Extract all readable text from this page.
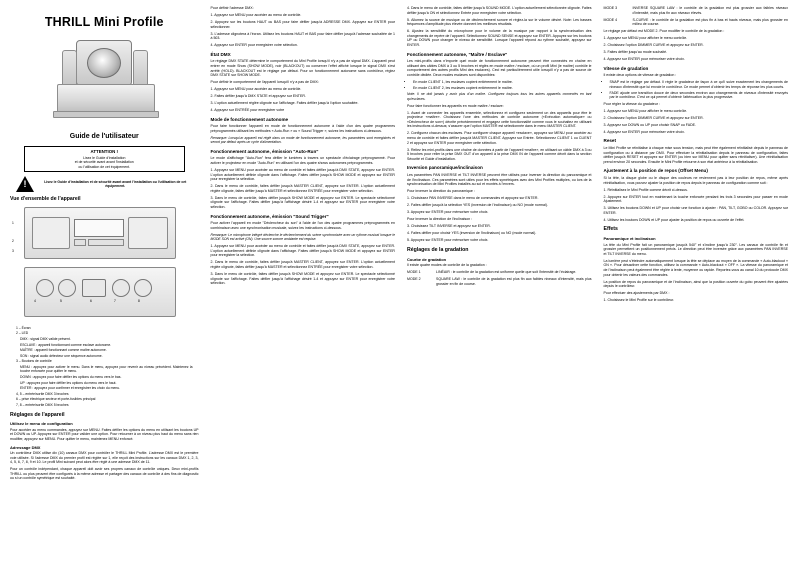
THRILL Mini Profile
Guide de l'utilisateur
ATTENTION !
Lisez le Guide d'installation
et de sécurité avant avant l'installation
ou l'utilisation de cet équipement.
!
Lisez le Guide d'installation et de sécurité avant avant l'installation ou l'utilisation de cet équipement.
Vue d'ensemble de l'appareil
1
2
3
4	5	6	7	8

1 – Écran

2 – LED

DMX : signal DMX valide présent.

ESCLAVE : appareil fonctionnant comme esclave autonome.

MAÎTRE : appareil fonctionnant comme maître autonome.

SON : signal audio détecteur une séquence autonome.

3 – Boutons de contrôle

MENU : appuyez pour activer le menu. Dans le menu, appuyez pour revenir au niveau précédent. Maintenez la touche enfoncée pour quitter le menu.

DOWN : appuyez pour faire défiler les options du menu vers le bas.

UP : appuyez pour faire défiler les options du menu vers le haut.

ENTER : appuyez pour confirmer et enregistrer les choix du menu.

4, 5 – entrée/sortie DMX 3 broches

6 – prise électrique secteur et porte-fusibles principal

7, 8 – entrée/sortie DMX 5 broches

Réglages de l'appareil
Utilisez le menu de configuration

Pour accéder au menu commandes, appuyez sur MENU. Faites défiler les options du menu en utilisant les boutons UP et DOWN ou UP. Appuyez sur ENTER pour valider une option. Pour retourner à un niveau plus haut du menu sans rien modifier, appuyez sur MENU. Pour quitter le menu, maintenez MENU enfoncé.

Adressage DMX

Un contrôleur DMX utilise dix (10) canaux DMX pour contrôler le THRILL Mini Profile. L'adresse DMX est le première voie utilisée. Si l'adresse DMX du premier profil est réglée sur 1, elle reçoit des instructions sur les canaux DMX 1, 2, 3, 4, 5, 6, 7, 8, 9 et 10. Le profil Mini suivant peut alors être réglé à une adresse DMX de 11.

Pour un contrôle indépendant, chaque appareil doit avoir ses propres canaux de contrôle uniques. Deux mini-profils THRILL ou plus peuvent être configurés à la même adresse et partager des canaux de contrôle à des fins de diagnostic ou si un contrôle symétrique est souhaité.

Pour définir l'adresse DMX:

1. Appuyez sur MENU pour accéder au menu de contrôle.

2. Appuyez sur les boutons HAUT ou BAS pour faire défiler jusqu'à ADRESSE DMX. Appuyez sur ENTER pour sélectionner.

3. L'adresse clignotera à l'écran. Utilisez les boutons HAUT et BAS pour faire défiler jusqu'à l'adresse souhaitée de 1 à 503.

4. Appuyez sur ENTER pour enregistrer votre sélection.

État DMX

Le réglage DMX STATE détermine le comportement du Mini Profile lorsqu'il n'y a pas de signal DMX. L'appareil peut entrer en mode Show (SHOW MODE), noir (BLACKOUT) ou conserver l'effet affiché lorsque le signal DMX s'est arrêté (HOLD). BLACKOUT est le réglage par défaut. Pour un fonctionnement autonome sans contrôleur, réglez DMX STATE sur SHOW MODE.

Pour définir le comportement de l'appareil lorsqu'il n'y a pas de DMX:

1. Appuyez sur MENU pour accéder au menu de contrôle.

2. Faites défiler jusqu'à DMX STATE et appuyez sur ENTER.

3. L'option actuellement réglée clignote sur l'affichage. Faites défiler jusqu'à l'option souhaitée.

4. Appuyez sur ENTRÉE pour enregistrer votre

Mode de fonctionnement autonome

Pour faire fonctionner l'appareil en mode de fonctionnement autonome à l'aide d'un des quatre programmes préprogrammés utilisant les méthodes « Auto-Run » ou « Sound Trigger », suivez les instructions ci-dessous.

Remarque: Lorsqu'un appareil est réglé dans un mode de fonctionnement autonome, les paramètres sont enregistrés et seront par défaut après un cycle d'alimentation.

Fonctionnement autonome, émission "Auto-Run"

Le mode d'affichage "Auto-Run" fera défiler le lumières à travers un spectacle d'éclairage préprogrammé. Pour activer le projecteur en mode "Auto-Run" en utilisant l'un des quatre shows autonomes préprogrammés.

1. Appuyez sur MENU pour accéder au menu de contrôle et faites défiler jusqu'à DMX STATE, appuyez sur ENTER. L'option actuellement définie clignote dans l'affichage. Faites défiler jusqu'à SHOW MODE et appuyez sur ENTER pour enregistrer la sélection.

2. Dans le menu de contrôle, faites défiler jusqu'à MASTER CLIENT, appuyez sur ENTER. L'option actuellement réglée clignote, faites défiler jusqu'à MASTER et sélectionnez ENTRÉE pour enregistrer votre sélection.

3. Dans le menu de contrôle, faites défiler jusqu'à SHOW MODE et appuyez sur ENTER. Le spectacle sélectionné clignote sur l'affichage. Faites défiler jusqu'à l'affichage désiré 1-4 et appuyez sur ENTER pour enregistrer votre sélection.

Fonctionnement autonome, émission "Sound Trigger"

Pour activer l'appareil en mode "Déclencheur du son" à l'aide de l'un des quatre programmes préprogrammés en combinaison avec une synchronisation musicale, suivez les instructions ci-dessous.

Remarque: Le microphone intégré déclenche le déclenchement du scène synchronisée avec un rythme musical lorsque le MODE SON est activé (ON). Une source sonore ambiante est requise.

1. Appuyez sur MENU pour accéder au menu de contrôle et faites défiler jusqu'à DMX STATE, appuyez sur ENTER. L'option actuellement définie clignote dans l'affichage. Faites défiler jusqu'à SHOW MODE et appuyez sur ENTER pour enregistrer la sélection.

2. Dans le menu de contrôle, faites défiler jusqu'à MASTER CLIENT, appuyez sur ENTER. L'option actuellement réglée clignote, faites défiler jusqu'à MASTER et sélectionnez ENTRÉE pour enregistrer votre sélection.

3. Dans le menu de contrôle, faites défiler jusqu'à SHOW MODE et appuyez sur ENTER. Le spectacle sélectionné clignote sur l'affichage. Faites défiler jusqu'à l'affichage désiré 1-4 et appuyez sur ENTER pour enregistrer votre sélection.

4. Dans le menu de contrôle, faites défiler jusqu'à SOUND MODE. L'option actuellement sélectionnée clignote. Faites défiler jusqu'à ON et sélectionnez Entrée pour enregistrer votre sélection.

5. Allumez la source de musique ou de déclenchement sonore et réglez-la sur le volume désiré. Note: Les basses fréquences d'amplitude plus élevée donnent les meilleurs résultats.

6. Ajustez la sensibilité du microphone pour le volume de la musique par rapport à la synchronisation des changements de repère de l'appareil. Sélectionnez SOUND SENSE et appuyez sur ENTER. Appuyez sur les boutons UP ou DOWN pour changer le niveau de sensibilité. Lorsque l'appareil répond au rythme souhaité, appuyez sur ENTER.

Fonctionnement autonome, "Maître / Esclave"

Les mini-profils dans n'importe quel mode de fonctionnement autonome peuvent être connectés en chaîne en utilisant des câbles DMX à 3 ou 5 broches et réglés en mode maître / esclave, où un profil Mini (le maître) contrôle le comportement des autres profils Mini des esclaves). Ceci est particulièrement utile lorsqu'il n'y a pas de source de contrôle dédiée. Deux modes esclaves sont disponibles:

• En mode CLIENT 1, les esclaves copient entièrement le maître.
• En mode CLIENT 2, les esclaves copient entièrement le maître.

Note: Il ne doit jamais y avoir plus d'un maître. Configurez toujours tous les autres appareils connectés en tant qu'esclaves.

Pour faire fonctionner les appareils en mode maître / esclave:

1. Avant de connecter les appareils ensemble, sélectionnez et configurez seulement un des appareils pour être le projecteur «maître». Choisissez l'une des méthodes de contrôle autonome («Exécution automatique» ou «Déclencheur de son») décrite précédemment et engagez cette fonctionnalité comme vous le souhaitez en utilisant les instructions ci-dessus; s'assurer que l'option MASTER est sélectionnée dans le menu MASTER CLIENT.

2. Configurez chacun des esclaves. Pour configurer chaque appareil «esclave», appuyez sur MENU pour accéder au menu de contrôle et faites défiler jusqu'à MASTER CLIENT. Appuyez sur Entrée. Sélectionnez CLIENT 1 ou CLIENT 2 et appuyez sur ENTER pour enregistrer cette sélection.

3. Reliez les mini-profils dans une chaîne de données à partir de l'appareil «maître», en utilisant un câble DMX à 3 ou 5 broches pour relier la prise DMX OUT d'un appareil à la prise DMX IN de l'appareil comme décrit dans la section Sécurité et Guide d'installation.

Inversion panoramique/inclinaison

Les paramètres PAN INVERSE et TILT INVERSE peuvent être utilisés pour inverser la direction du panoramique et de l'inclinaison. Ces paramètres sont utiles pour les effets symétriques avec des Mini Profiles multiples, ou lors de la synchronisation de Mini Profiles installés au sol et montés à l'envers.

Pour inverser la direction du panoramique :

1. Choisissez PAN INVERSE dans le menu de commandes et appuyez sur ENTER.

2. Faites défiler jusqu'à la sélection YES (inversion de l'inclinaison) ou NO (mode normal).

3. Appuyez sur ENTER pour mémoriser votre choix.

Pour inverser la direction de l'inclinaison :

3. Choisissez TILT INVERSE et appuyez sur ENTER.

4. Faites défiler pour choisir YES (inversion de l'inclinaison) ou NO (mode normal).

5. Appuyez sur ENTER pour mémoriser votre choix.

Réglages de la gradation
Courbe de gradation

Il existe quatre modes de contrôle de la gradation :

MODE 1	LINÉAIR : le contrôle de la gradation est uniforme quelle que soit l'intensité de l'éclairage.
MODE 2	SQUARE LAW : le contrôle de la gradation est plus fin aux faibles niveaux d'intensité, mais plus grossier en fin de course.
MODE 3	INVERSE SQUARE LAW : le contrôle de la gradation est plus grossier aux faibles niveaux d'intensité, mais plus fin aux niveaux élevés.
MODE 4	S-CURVE : le contrôle de la gradation est plus fin à bas et hauts niveaux, mais plus grossier en milieu de course.

Le réglage par défaut est MODE 2. Pour modifier le contrôle de la gradation :

1. Appuyez sur MENU pour afficher le menu contrôle.

2. Choisissez l'option DIMMER CURVE et appuyez sur ENTER.

3. Faites défiler jusqu'au mode souhaité.

4. Appuyez sur ENTER pour mémoriser votre choix.

Vitesse de gradation

Il existe deux options de vitesse de gradation :

• SNAP est le réglage par défaut. Il règle le gradateur de façon à ce qu'il suive exactement les changements de niveaux d'intensité que lui envoie le contrôleur. Ce mode permet d'obtenir les temps de réponse les plus courts.
• FADE ajoute une transition douce de deux secondes environ aux changements de niveaux d'intensité envoyés par le contrôleur. C'est ce qui permet d'obtenir l'atténuation la plus progressive.

Pour régler la vitesse du gradateur :

1. Appuyez sur MENU pour afficher le menu contrôle.

2. Choisissez l'option DIMMER CURVE et appuyez sur ENTER.

3. Appuyez sur DOWN ou UP pour choisir SNAP ou FADE.

4. Appuyez sur ENTER pour mémoriser votre choix.

Reset

Le Mini Profile se réinitialise à chaque mise sous tension, mais peut être également réinitialisé depuis le panneau de configuration ou à distance par DMX. Pour effectuer la réinitialisation depuis le panneau de configuration, faites défiler jusqu'à RESET et appuyez sur ENTER (ou bien sur MENU pour quitter sans réinitialiser). Une réinitialisation prend environ 20 secondes. Ensuite le Mini Profile retourne à son état antérieur à la réinitialisation.

Ajustement à la position de repos (Offset Menu)

Si la tête, la disque globe ou le disque des couleurs ne reviennent pas à leur position de repos, même après réinitialisation, vous pouvez ajuster la position de repos depuis le panneau de configuration comme suit :

1. Réinitialisez le Mini Profile comme décrit ci-dessus.

2. Appuyez sur ENTER tout en maintenant la touche enfoncée pendant les trois 3 secondes pour passer en mode Ajustement.

3. Utilisez les boutons DOWN et UP pour choisir une fonction à ajuster : PAN, TILT, GOBO ou COLOR. Appuyez sur ENTER.

4. Utilisez les boutons DOWN et UP pour ajuster la position de repos ou ouvrete de l'effet.

Effets
Panoramique et inclinaison

La tête du Mini Profile fait un panoramique jusqu'à 540° et s'incline jusqu'à 230°. Les canaux de contrôle fin et grossier permettent un positionnement précis. Le direction peut être inversée grâce aux paramètres PAN INVERSE et TILT INVERSE du menu.

La lumière peut s'éteindre automatiquement lorsque la tête se déplace au moyen de la commande « Auto-blackout » ON ». Pour désactiver cette fonction, utilisez la commande « Auto-blackout » OFF ». La vitesse du panoramique et de l'inclinaison peut également être réglée à lente, moyenne ou rapide. Reportez-vous au canal 10 du protocole DMX pour obtenir les valeurs des commandes.

La position de repos du panoramique et de l'inclinaison, ainsi que la position ouverte du gobo peuvent être ajustées depuis le contrôleur.

Pour effectuer des ajustements par DMX :

1. Choisissez le Mini Profile sur le contrôleur.
